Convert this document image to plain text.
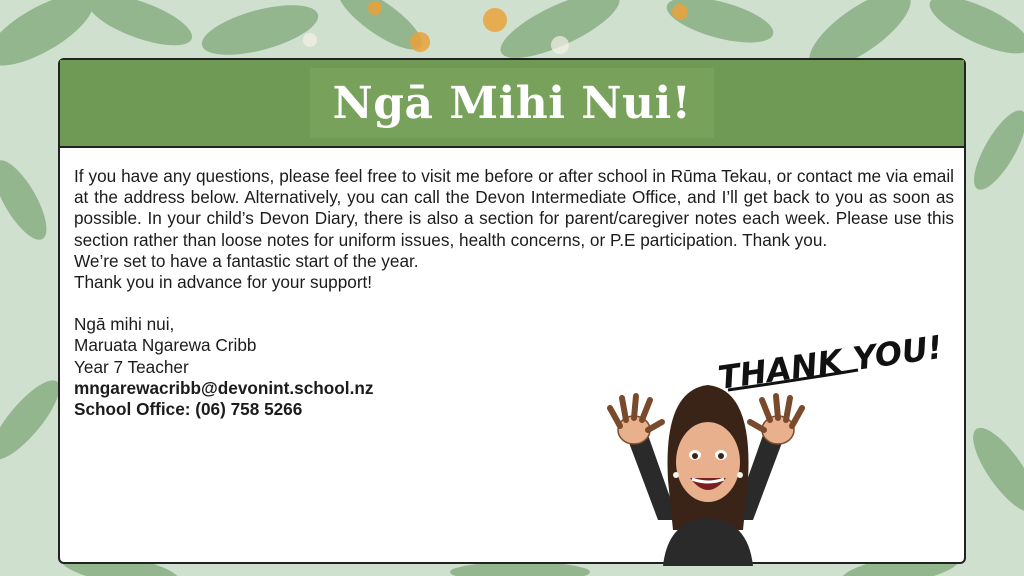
Ngā Mihi Nui!

If you have any questions, please feel free to visit me before or after school in Rūma Tekau, or contact me via email at the address below. Alternatively, you can call the Devon Intermediate Office, and I’ll get back to you as soon as possible. In your child’s Devon Diary, there is also a section for parent/caregiver notes each week. Please use this section rather than loose notes for uniform issues, health concerns, or P.E participation. Thank you.

We’re set to have a fantastic start of the year.
Thank you in advance for your support!
Ngā mihi nui,
Maruata Ngarewa Cribb
Year 7 Teacher
mngarewacribb@devonint.school.nz
School Office: (06) 758 5266
THANK YOU!
